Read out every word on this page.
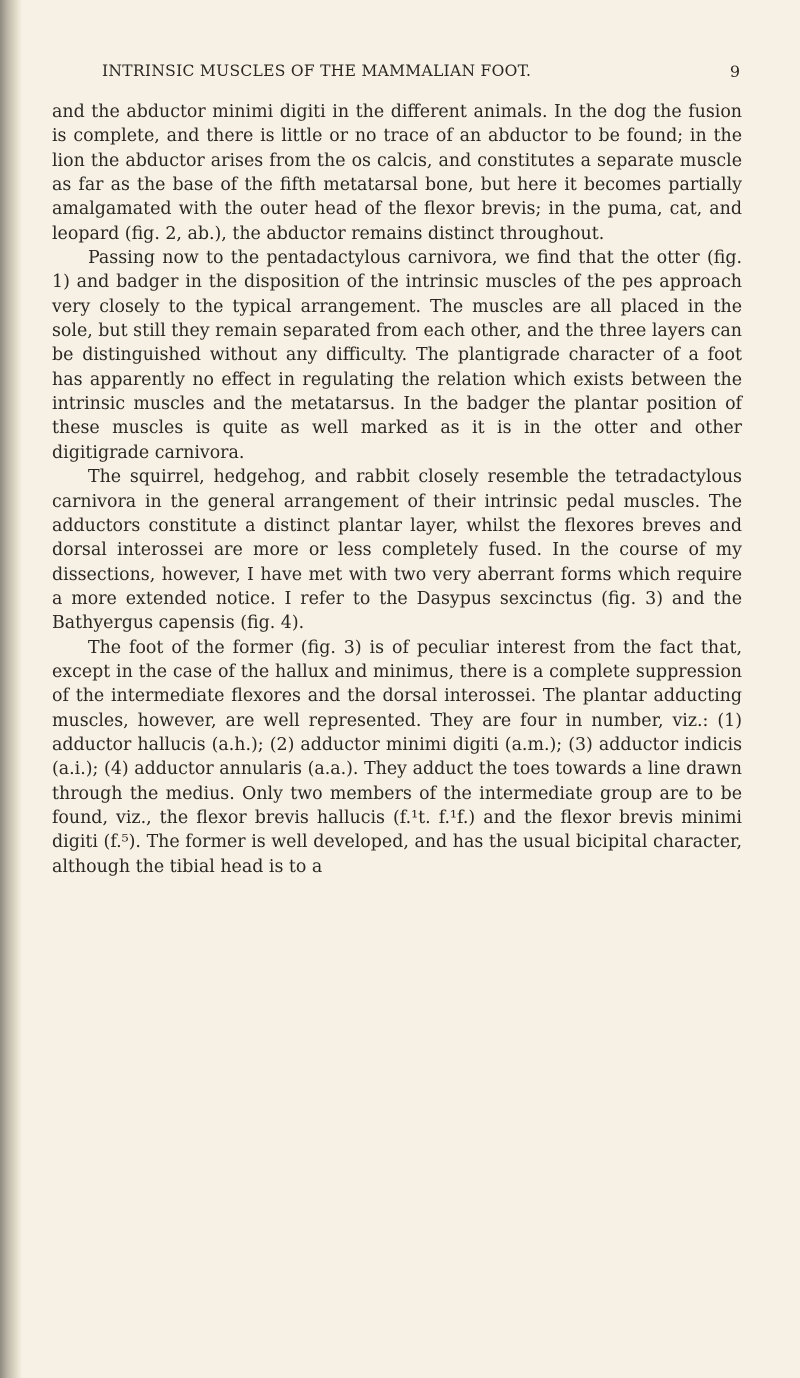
INTRINSIC MUSCLES OF THE MAMMALIAN FOOT.	9

and the abductor minimi digiti in the different animals. In the dog the fusion is complete, and there is little or no trace of an abductor to be found; in the lion the abductor arises from the os calcis, and constitutes a separate muscle as far as the base of the fifth metatarsal bone, but here it becomes partially amalgamated with the outer head of the flexor brevis; in the puma, cat, and leopard (fig. 2, ab.), the abductor remains distinct throughout.

Passing now to the pentadactylous carnivora, we find that the otter (fig. 1) and badger in the disposition of the intrinsic muscles of the pes approach very closely to the typical arrangement. The muscles are all placed in the sole, but still they remain separated from each other, and the three layers can be distinguished without any difficulty. The plantigrade character of a foot has apparently no effect in regulating the relation which exists between the intrinsic muscles and the metatarsus. In the badger the plantar position of these muscles is quite as well marked as it is in the otter and other digitigrade carnivora.

The squirrel, hedgehog, and rabbit closely resemble the tetradactylous carnivora in the general arrangement of their intrinsic pedal muscles. The adductors constitute a distinct plantar layer, whilst the flexores breves and dorsal interossei are more or less completely fused. In the course of my dissections, however, I have met with two very aberrant forms which require a more extended notice. I refer to the Dasypus sexcinctus (fig. 3) and the Bathyergus capensis (fig. 4).

The foot of the former (fig. 3) is of peculiar interest from the fact that, except in the case of the hallux and minimus, there is a complete suppression of the intermediate flexores and the dorsal interossei. The plantar adducting muscles, however, are well represented. They are four in number, viz.: (1) adductor hallucis (a.h.); (2) adductor minimi digiti (a.m.); (3) adductor indicis (a.i.); (4) adductor annularis (a.a.). They adduct the toes towards a line drawn through the medius. Only two members of the intermediate group are to be found, viz., the flexor brevis hallucis (f.¹t. f.¹f.) and the flexor brevis minimi digiti (f.⁵). The former is well developed, and has the usual bicipital character, although the tibial head is to a
